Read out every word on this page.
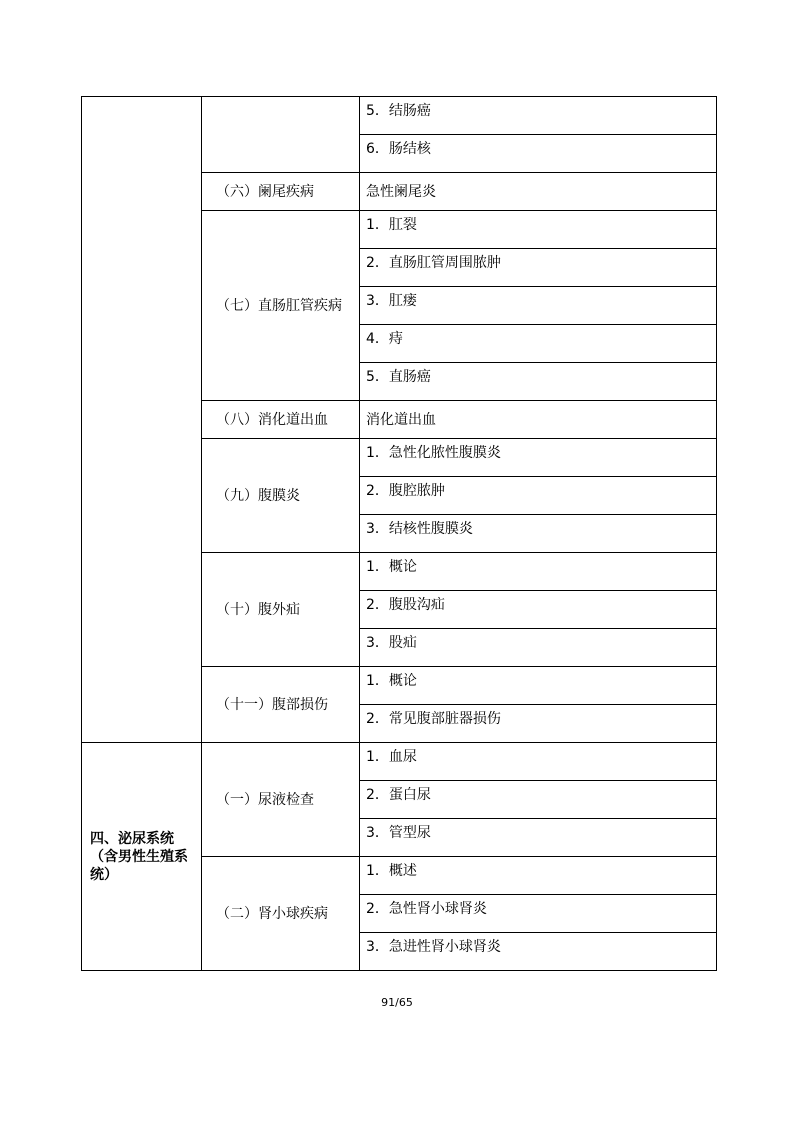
		5．结肠癌
		6．肠结核
	（六）阑尾疾病	急性阑尾炎
	（七）直肠肛管疾病	1．肛裂
		2．直肠肛管周围脓肿
		3．肛瘘
		4．痔
		5．直肠癌
	（八）消化道出血	消化道出血
	（九）腹膜炎	1．急性化脓性腹膜炎
		2．腹腔脓肿
		3．结核性腹膜炎
	（十）腹外疝	1．概论
		2．腹股沟疝
		3．股疝
	（十一）腹部损伤	1．概论
		2．常见腹部脏器损伤

四、泌尿系统
（含男性生殖系
统）	（一）尿液检查	1．血尿
		2．蛋白尿
		3．管型尿
	（二）肾小球疾病	1．概述
		2．急性肾小球肾炎
		3．急进性肾小球肾炎
91/65
